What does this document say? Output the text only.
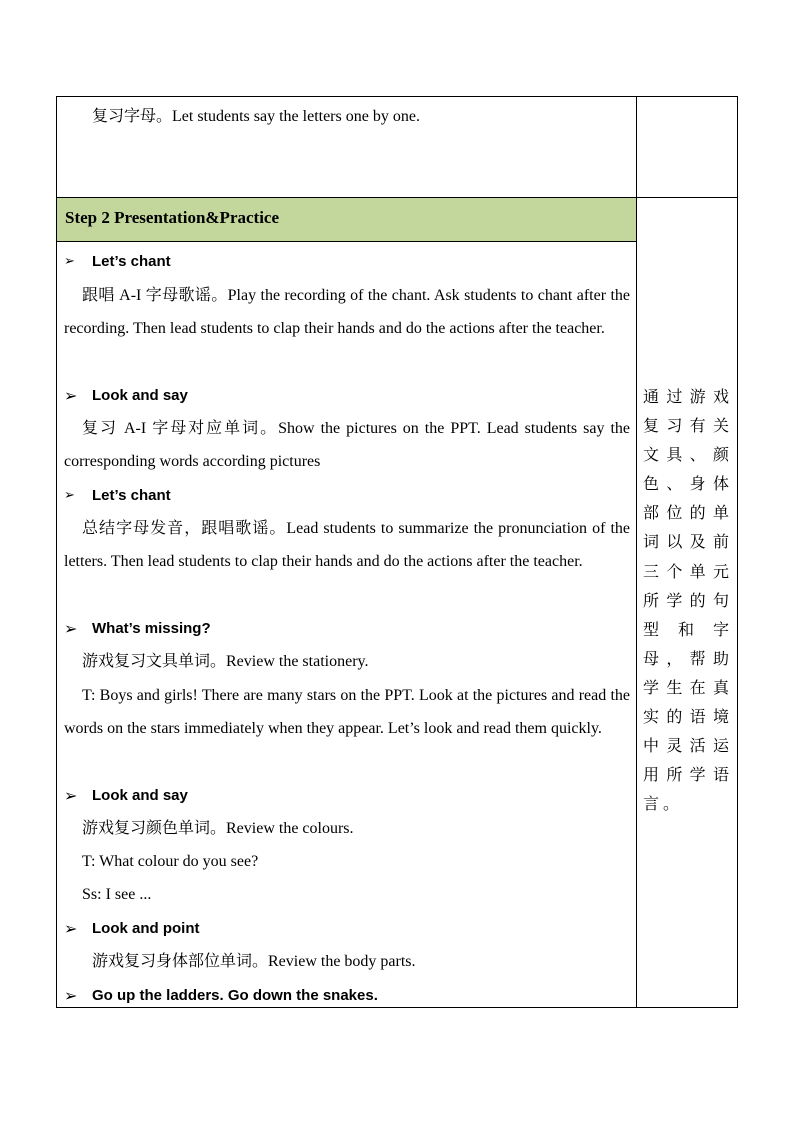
复习字母。Let students say the letters one by one.
Step 2 Presentation&Practice
➢	Let’s chant

跟唱 A-I 字母歌谣。Play the recording of the chant. Ask students to chant after the recording. Then lead students to clap their hands and do the actions after the teacher.

➢ Look and say

复习 A-I 字母对应单词。Show the pictures on the PPT. Lead students say the corresponding words according pictures

➢	Let’s chant

总结字母发音，跟唱歌谣。Lead students to summarize the pronunciation of the letters. Then lead students to clap their hands and do the actions after the teacher.

➢ What’s missing?
游戏复习文具单词。Review the stationery.

T: Boys and girls! There are many stars on the PPT. Look at the pictures and read the words on the stars immediately when they appear. Let’s look and read them quickly.

➢ Look and say
游戏复习颜色单词。Review the colours.
T: What colour do you see?
Ss: I see ...
➢ Look and point
游戏复习身体部位单词。Review the body parts.
➢ Go up the ladders. Go down the snakes.

通过游戏复习有关文具、颜色、身体部位的单词以及前三个单元所学的句型和字母，帮助学生在真实的语境中灵活运用所学语言。
